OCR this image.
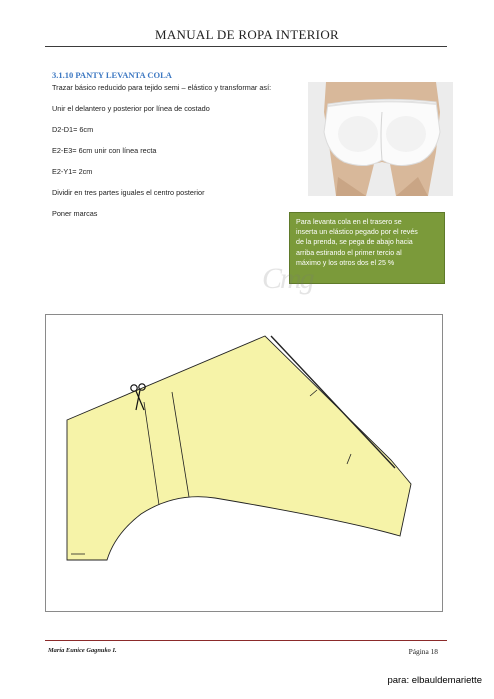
MANUAL DE ROPA INTERIOR
3.1.10 PANTY LEVANTA COLA
Trazar básico reducido para tejido semi – elástico y transformar así:
Unir el delantero y posterior por línea de costado
D2-D1= 6cm
E2-E3= 6cm unir con línea recta
E2-Y1= 2cm
Dividir en tres partes iguales el centro posterior
Poner marcas
Para levanta cola en el trasero se
inserta un elástico pegado por el revés
de la prenda, se pega de abajo hacia
arriba estirando el primer tercio al
máximo y los otros dos el 25 %
Cmg
María Eunice Gagnuko I.	Página 18
para: elbauldemariette
